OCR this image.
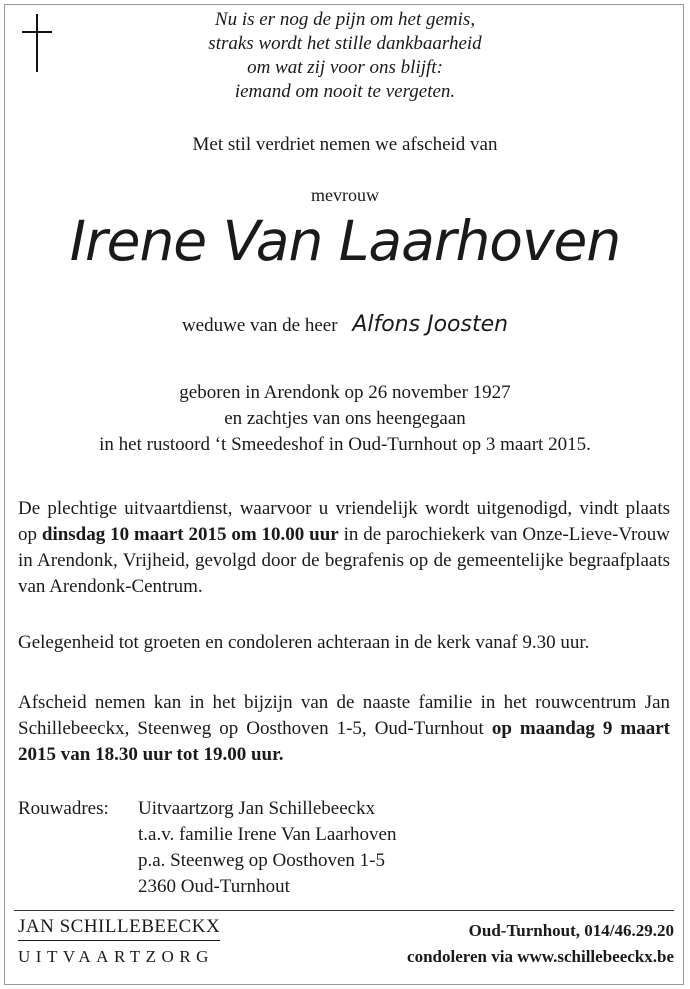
Nu is er nog de pijn om het gemis,
straks wordt het stille dankbaarheid
om wat zij voor ons blijft:
iemand om nooit te vergeten.
Met stil verdriet nemen we afscheid van
mevrouw
Irene Van Laarhoven
weduwe van de heer Alfons Joosten
geboren in Arendonk op 26 november 1927
en zachtjes van ons heengegaan
in het rustoord ‘t Smeedeshof in Oud-Turnhout op 3 maart 2015.
De plechtige uitvaartdienst, waarvoor u vriendelijk wordt uitgenodigd, vindt plaats op dinsdag 10 maart 2015 om 10.00 uur in de parochiekerk van Onze-Lieve-Vrouw in Arendonk, Vrijheid, gevolgd door de begrafenis op de gemeentelijke begraafplaats van Arendonk-Centrum.
Gelegenheid tot groeten en condoleren achteraan in de kerk vanaf 9.30 uur.
Afscheid nemen kan in het bijzijn van de naaste familie in het rouwcentrum Jan Schillebeeckx, Steenweg op Oosthoven 1-5, Oud-Turnhout op maandag 9 maart 2015 van 18.30 uur tot 19.00 uur.
Rouwadres: Uitvaartzorg Jan Schillebeeckx
t.a.v. familie Irene Van Laarhoven
p.a. Steenweg op Oosthoven 1-5
2360 Oud-Turnhout
JAN SCHILLEBEECKX
UITVAARTZORG
Oud-Turnhout, 014/46.29.20
condoleren via www.schillebeeckx.be
